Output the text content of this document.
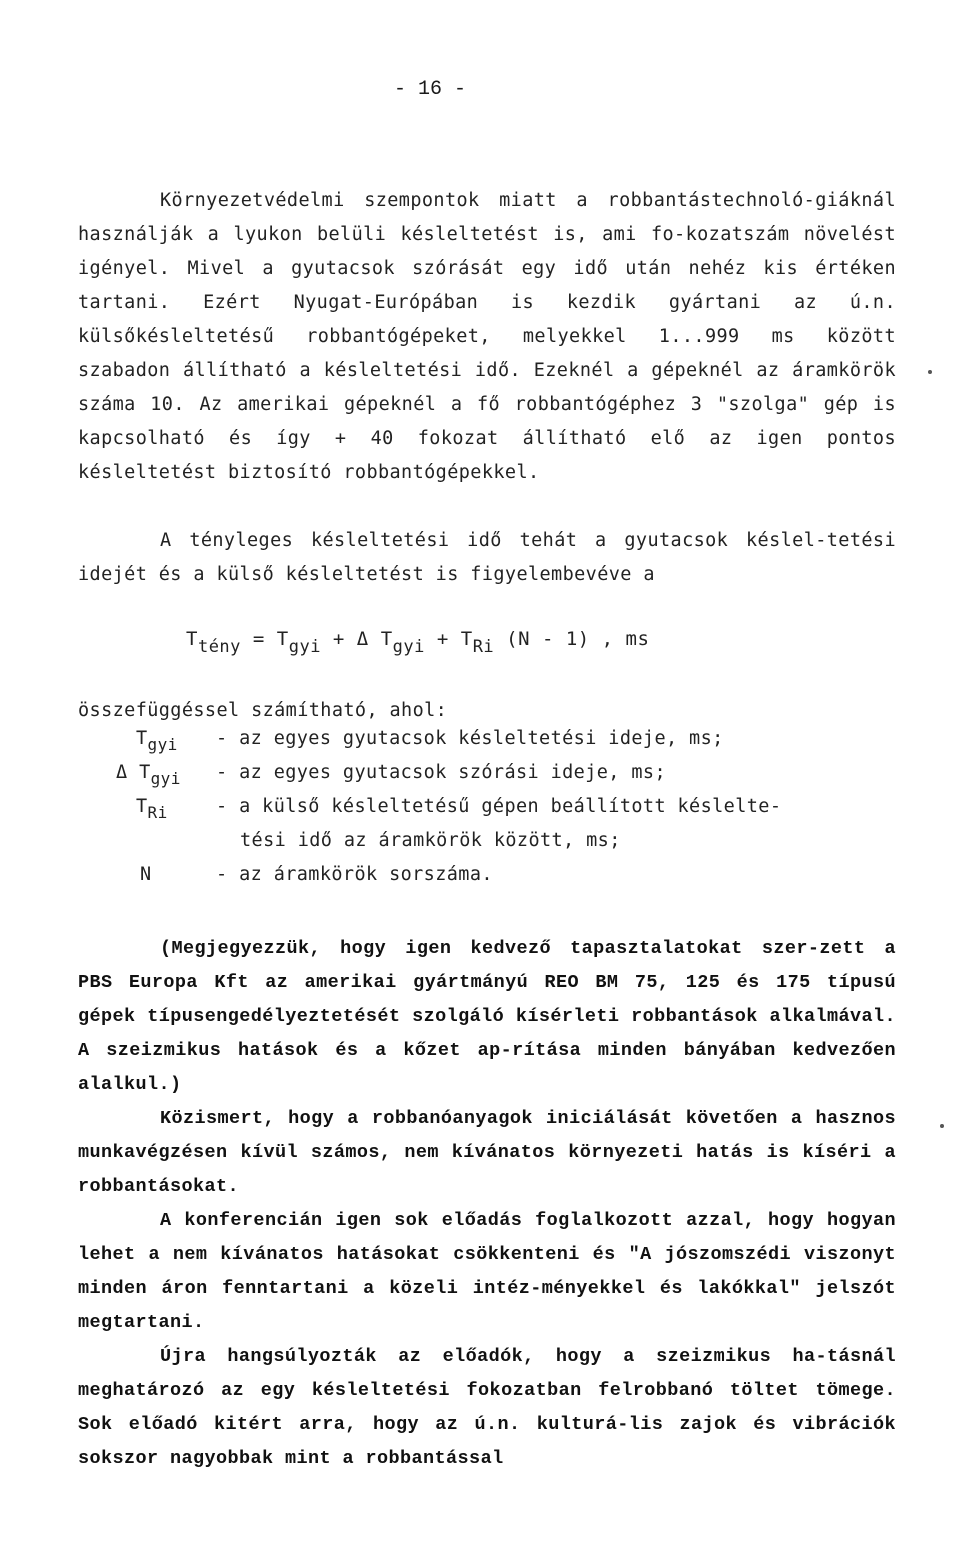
- 16 -

Környezetvédelmi szempontok miatt a robbantástechnoló-giáknál használják a lyukon belüli késleltetést is, ami fo-kozatszám növelést igényel. Mivel a gyutacsok szórását egy idő után nehéz kis értéken tartani. Ezért Nyugat-Európában is kezdik gyártani az ú.n. külsőkésleltetésű robbantógépeket, melyekkel 1...999 ms között szabadon állítható a késleltetési idő. Ezeknél a gépeknél az áramkörök száma 10. Az amerikai gépeknél a fő robbantógéphez 3 "szolga" gép is kapcsolható és így + 40 fokozat állítható elő az igen pontos késleltetést biztosító robbantógépekkel.

A tényleges késleltetési idő tehát a gyutacsok késlel-tetési idejét és a külső késleltetést is figyelembevéve a

$T_{tény} = T_{gyi} + \Delta$ $T_{gyi} + T_{Ri}$ (N - 1) , ms

összefüggéssel számítható, ahol:

$T_{gyi}$	- az egyes gyutacsok késleltetési ideje, ms;
Δ $T_{gyi}$	- az egyes gyutacsok szórási ideje, ms;
$T_{Ri}$	- a külső késleltetésű gépen beállított késlelte-
tési idő az áramkörök között, ms;
N	- az áramkörök sorszáma.

(Megjegyezzük, hogy igen kedvező tapasztalatokat szer-zett a PBS Europa Kft az amerikai gyártmányú REO BM 75, 125 és 175 típusú gépek típusengedélyeztetését szolgáló kísérleti robbantások alkalmával. A szeizmikus hatások és a kőzet ap-rítása minden bányában kedvezően alalkul.)

Közismert, hogy a robbanóanyagok iniciálását követően a hasznos munkavégzésen kívül számos, nem kívánatos környezeti hatás is kíséri a robbantásokat.

A konferencián igen sok előadás foglalkozott azzal, hogy hogyan lehet a nem kívánatos hatásokat csökkenteni és "A jószomszédi viszonyt minden áron fenntartani a közeli intéz-ményekkel és lakókkal" jelszót megtartani.

Újra hangsúlyozták az előadók, hogy a szeizmikus ha-tásnál meghatározó az egy késleltetési fokozatban felrobbanó töltet tömege. Sok előadó kitért arra, hogy az ú.n. kulturá-lis zajok és vibrációk sokszor nagyobbak mint a robbantással
